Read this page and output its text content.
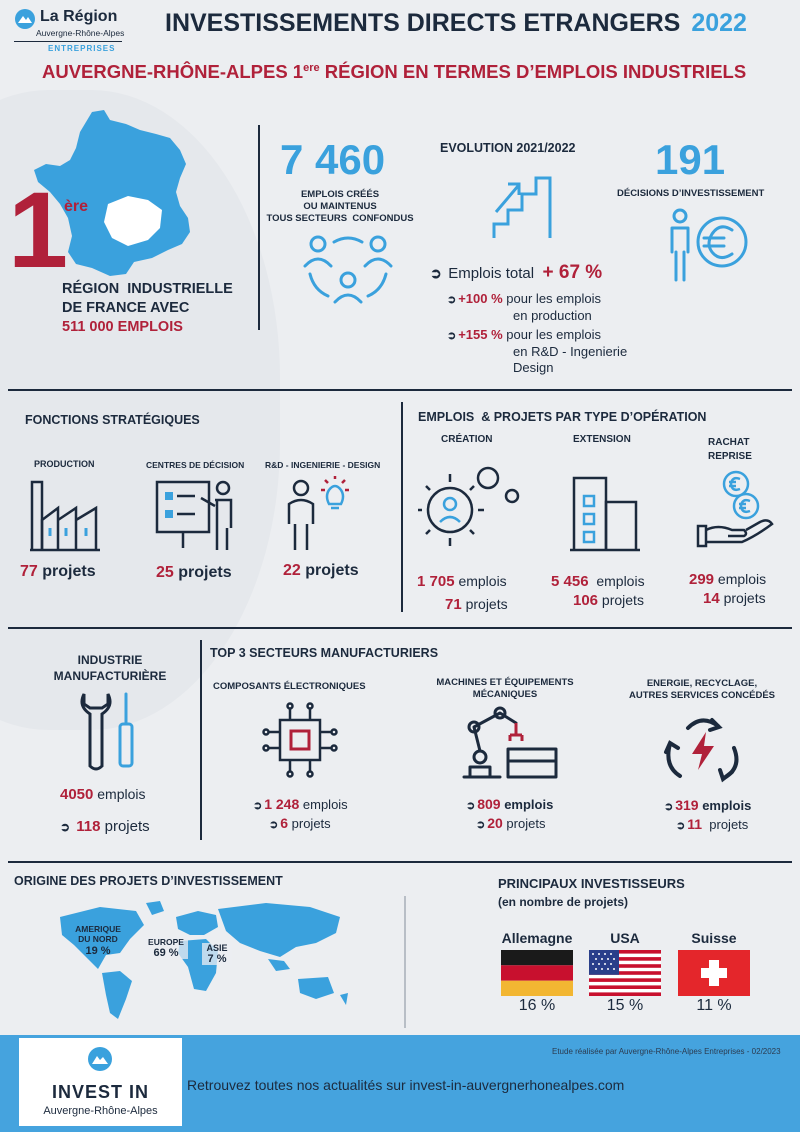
La Région
Auvergne-Rhône-Alpes
ENTREPRISES
INVESTISSEMENTS DIRECTS ETRANGERS 2022
AUVERGNE-RHÔNE-ALPES 1ere RÉGION EN TERMES D’EMPLOIS INDUSTRIELS
1
ère
RÉGION  INDUSTRIELLE
DE FRANCE AVEC
511 000 EMPLOIS
7 460
EMPLOIS CRÉÉS
OU MAINTENUS
TOUS SECTEURS  CONFONDUS
EVOLUTION 2021/2022
➲ Emplois total + 67 %
➲ +100 % pour les emplois
en production
➲ +155 % pour les emplois
en R&D - Ingenierie
Design
191
DÉCISIONS D’INVESTISSEMENT
FONCTIONS STRATÉGIQUES
PRODUCTION
77 projets
CENTRES DE DÉCISION
25 projets
R&D - INGENIERIE - DESIGN
22 projets
EMPLOIS  & PROJETS PAR TYPE D’OPÉRATION
CRÉATION
1 705 emplois
71 projets
EXTENSION
5 456 emplois
106 projets
RACHAT
REPRISE
299 emplois
14 projets
INDUSTRIE
MANUFACTURIÈRE
4050 emplois
➲ 118 projets
TOP 3 SECTEURS MANUFACTURIERS
COMPOSANTS ÉLECTRONIQUES
➲ 1 248 emplois
➲ 6 projets
MACHINES ET ÉQUIPEMENTS
MÉCANIQUES
➲ 809 emplois
➲ 20 projets
ENERGIE, RECYCLAGE,
AUTRES SERVICES CONCÉDÉS
➲ 319 emplois
➲ 11 projets
ORIGINE DES PROJETS D’INVESTISSEMENT
AMERIQUE
DU NORD
19 %
EUROPE
69 %	ASIE
7 %
PRINCIPAUX INVESTISSEURS
(en nombre de projets)
Allemagne
16 %
USA
15 %
Suisse
11 %
INVEST IN
Auvergne-Rhône-Alpes
Etude réalisée par Auvergne-Rhône-Alpes Entreprises - 02/2023
Retrouvez toutes nos actualités sur invest-in-auvergnerhonealpes.com
